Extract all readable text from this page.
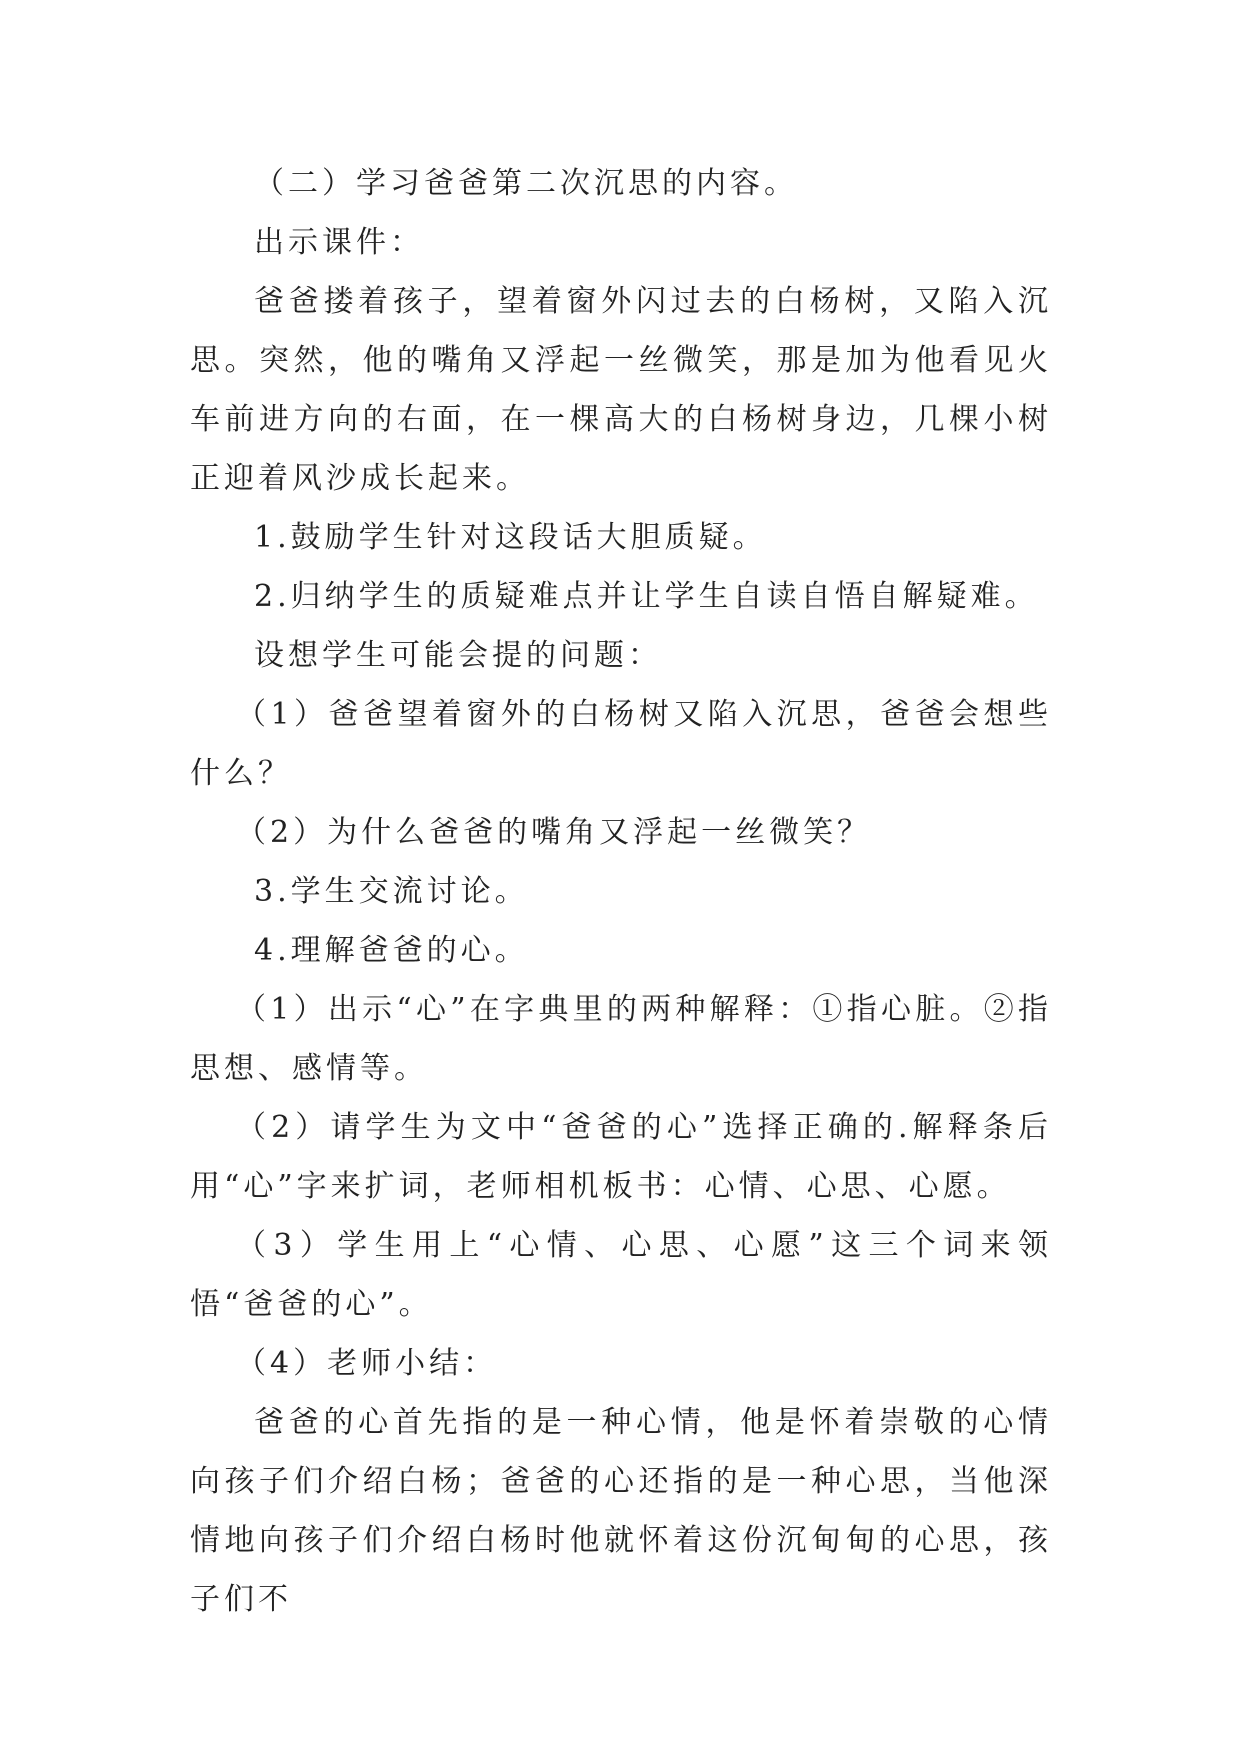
（二）学习爸爸第二次沉思的内容。

出示课件：

爸爸搂着孩子，望着窗外闪过去的白杨树，又陷入沉思。突然，他的嘴角又浮起一丝微笑，那是加为他看见火车前进方向的右面，在一棵高大的白杨树身边，几棵小树正迎着风沙成长起来。

1.鼓励学生针对这段话大胆质疑。

2.归纳学生的质疑难点并让学生自读自悟自解疑难。

设想学生可能会提的问题：

（1）爸爸望着窗外的白杨树又陷入沉思，爸爸会想些什么？

（2）为什么爸爸的嘴角又浮起一丝微笑？

3.学生交流讨论。

4.理解爸爸的心。

（1）出示“心”在字典里的两种解释：①指心脏。②指思想、感情等。

（2）请学生为文中“爸爸的心”选择正确的.解释条后用“心”字来扩词，老师相机板书：心情、心思、心愿。

（3）学生用上“心情、心思、心愿”这三个词来领悟“爸爸的心”。

（4）老师小结：

爸爸的心首先指的是一种心情，他是怀着崇敬的心情向孩子们介绍白杨；爸爸的心还指的是一种心思，当他深情地向孩子们介绍白杨时他就怀着这份沉甸甸的心思，孩子们不
